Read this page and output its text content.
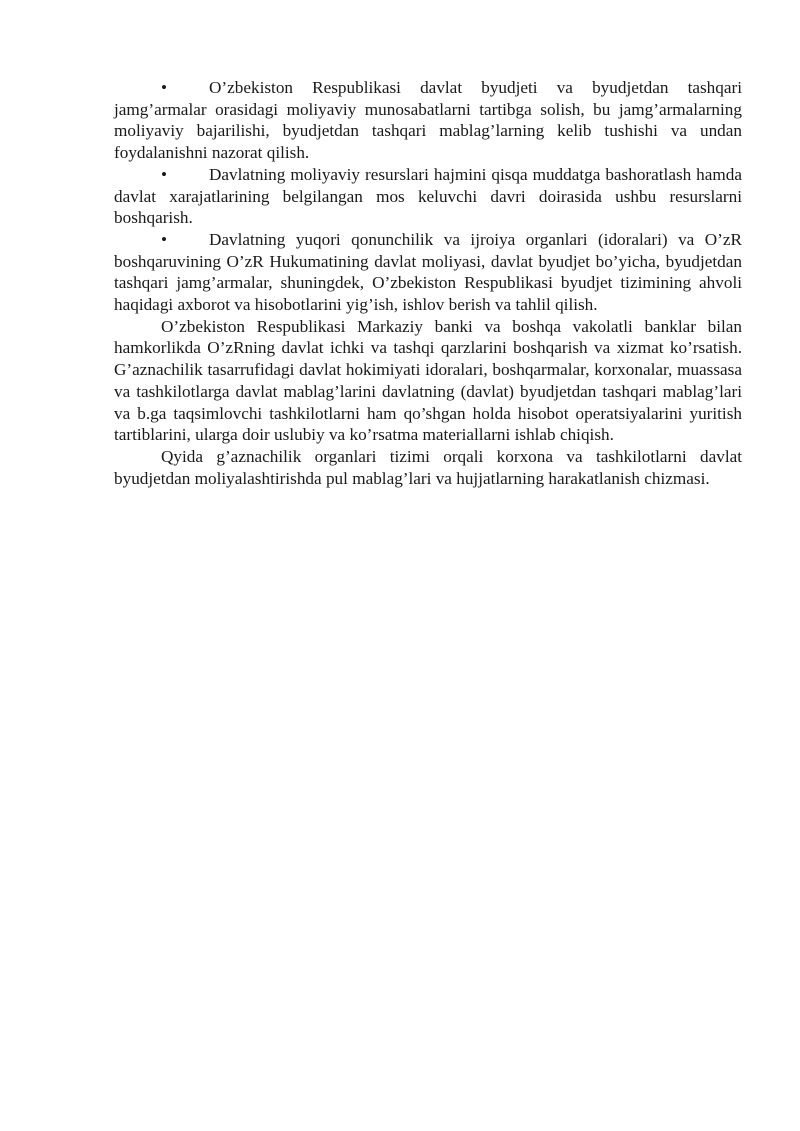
• O’zbekiston Respublikasi davlat byudjeti va byudjetdan tashqari jamg’armalar orasidagi moliyaviy munosabatlarni tartibga solish, bu jamg’armalarning moliyaviy bajarilishi, byudjetdan tashqari mablag’larning kelib tushishi va undan foydalanishni nazorat qilish.

• Davlatning moliyaviy resurslari hajmini qisqa muddatga bashoratlash hamda davlat xarajatlarining belgilangan mos keluvchi davri doirasida ushbu resurslarni boshqarish.

• Davlatning yuqori qonunchilik va ijroiya organlari (idoralari) va O’zR boshqaruvining O’zR Hukumatining davlat moliyasi, davlat byudjet bo’yicha, byudjetdan tashqari jamg’armalar, shuningdek, O’zbekiston Respublikasi byudjet tizimining ahvoli haqidagi axborot va hisobotlarini yig’ish, ishlov berish va tahlil qilish.

O’zbekiston Respublikasi Markaziy banki va boshqa vakolatli banklar bilan hamkorlikda O’zRning davlat ichki va tashqi qarzlarini boshqarish va xizmat ko’rsatish. G’aznachilik tasarrufidagi davlat hokimiyati idoralari, boshqarmalar, korxonalar, muassasa va tashkilotlarga davlat mablag’larini davlatning (davlat) byudjetdan tashqari mablag’lari va b.ga taqsimlovchi tashkilotlarni ham qo’shgan holda hisobot operatsiyalarini yuritish tartiblarini, ularga doir uslubiy va ko’rsatma materiallarni ishlab chiqish.

Qyida g’aznachilik organlari tizimi orqali korxona va tashkilotlarni davlat byudjetdan moliyalashtirishda pul mablag’lari va hujjatlarning harakatlanish chizmasi.
